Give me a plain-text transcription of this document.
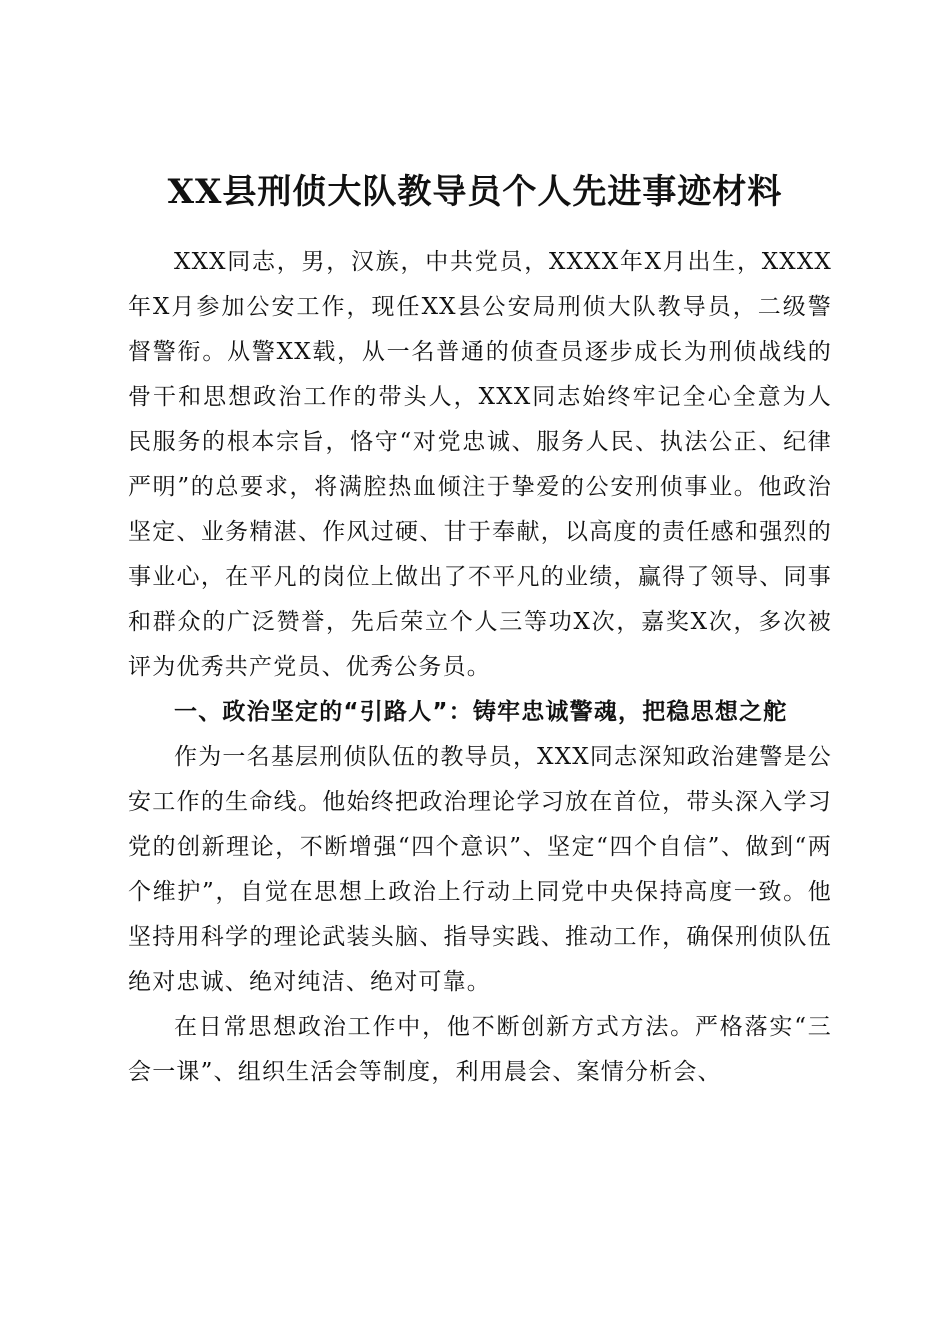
XX县刑侦大队教导员个人先进事迹材料

XXX同志，男，汉族，中共党员，XXXX年X月出生，XXXX年X月参加公安工作，现任XX县公安局刑侦大队教导员，二级警督警衔。从警XX载，从一名普通的侦查员逐步成长为刑侦战线的骨干和思想政治工作的带头人，XXX同志始终牢记全心全意为人民服务的根本宗旨，恪守“对党忠诚、服务人民、执法公正、纪律严明”的总要求，将满腔热血倾注于挚爱的公安刑侦事业。他政治坚定、业务精湛、作风过硬、甘于奉献，以高度的责任感和强烈的事业心，在平凡的岗位上做出了不平凡的业绩，赢得了领导、同事和群众的广泛赞誉，先后荣立个人三等功X次，嘉奖X次，多次被评为优秀共产党员、优秀公务员。

一、政治坚定的“引路人”：铸牢忠诚警魂，把稳思想之舵

作为一名基层刑侦队伍的教导员，XXX同志深知政治建警是公安工作的生命线。他始终把政治理论学习放在首位，带头深入学习党的创新理论，不断增强“四个意识”、坚定“四个自信”、做到“两个维护”，自觉在思想上政治上行动上同党中央保持高度一致。他坚持用科学的理论武装头脑、指导实践、推动工作，确保刑侦队伍绝对忠诚、绝对纯洁、绝对可靠。

在日常思想政治工作中，他不断创新方式方法。严格落实“三会一课”、组织生活会等制度，利用晨会、案情分析会、
